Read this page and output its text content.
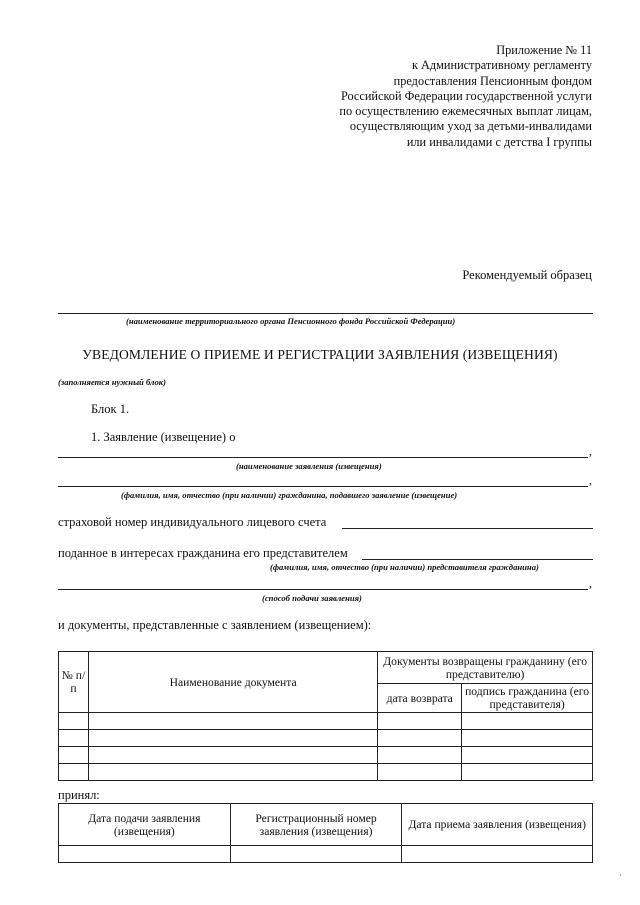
Приложение № 11
к Административному регламенту
предоставления Пенсионным фондом
Российской Федерации государственной услуги
по осуществлению ежемесячных выплат лицам,
осуществляющим уход за детьми-инвалидами
или инвалидами с детства I группы
Рекомендуемый образец
(наименование территориального органа Пенсионного фонда Российской Федерации)
УВЕДОМЛЕНИЕ О ПРИЕМЕ И РЕГИСТРАЦИИ ЗАЯВЛЕНИЯ (ИЗВЕЩЕНИЯ)
(заполняется нужный блок)
Блок 1.
1. Заявление (извещение) о
,
(наименование заявления (извещения)
,
(фамилия, имя, отчество (при наличии) гражданина, подавшего заявление (извещение)
страховой номер индивидуального лицевого счета
поданное в интересах гражданина его представителем
(фамилия, имя, отчество (при наличии) представителя гражданина)
,
(способ подачи заявления)
и документы, представленные с заявлением (извещением):
№ п/п	Наименование документа	Документы возвращены гражданину (его представителю)	
		дата возврата	подпись гражданина (его представителя)

принял:
Дата подачи заявления (извещения)	Регистрационный номер заявления (извещения)	Дата приема заявления (извещения)

·
